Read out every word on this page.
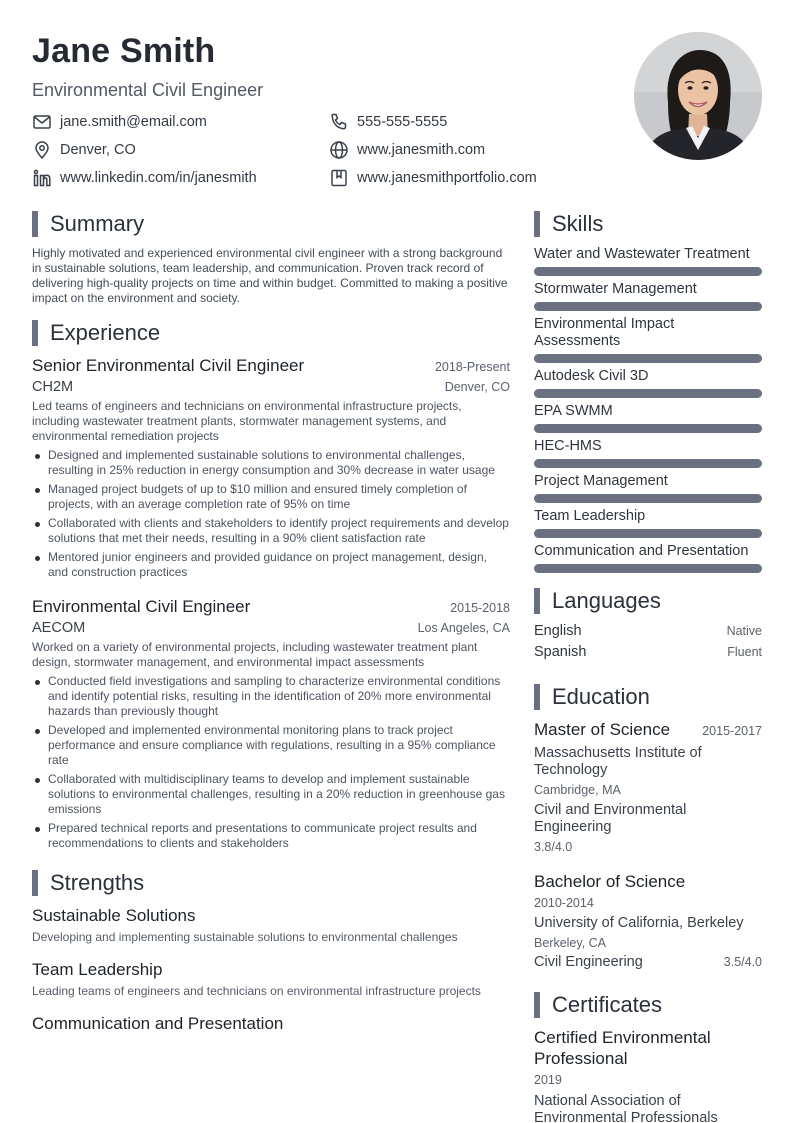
Jane Smith
Environmental Civil Engineer
jane.smith@email.com	555-555-5555
Denver, CO	www.janesmith.com
www.linkedin.com/in/janesmith	www.janesmithportfolio.com
Summary

Highly motivated and experienced environmental civil engineer with a strong background in sustainable solutions, team leadership, and communication. Proven track record of delivering high-quality projects on time and within budget. Committed to making a positive impact on the environment and society.

Experience
Senior Environmental Civil Engineer	2018-Present
CH2M	Denver, CO

Led teams of engineers and technicians on environmental infrastructure projects, including wastewater treatment plants, stormwater management systems, and environmental remediation projects

Designed and implemented sustainable solutions to environmental challenges, resulting in 25% reduction in energy consumption and 30% decrease in water usage
Managed project budgets of up to $10 million and ensured timely completion of projects, with an average completion rate of 95% on time
Collaborated with clients and stakeholders to identify project requirements and develop solutions that met their needs, resulting in a 90% client satisfaction rate
Mentored junior engineers and provided guidance on project management, design, and construction practices
Environmental Civil Engineer	2015-2018
AECOM	Los Angeles, CA

Worked on a variety of environmental projects, including wastewater treatment plant design, stormwater management, and environmental impact assessments

Conducted field investigations and sampling to characterize environmental conditions and identify potential risks, resulting in the identification of 20% more environmental hazards than previously thought
Developed and implemented environmental monitoring plans to track project performance and ensure compliance with regulations, resulting in a 95% compliance rate
Collaborated with multidisciplinary teams to develop and implement sustainable solutions to environmental challenges, resulting in a 20% reduction in greenhouse gas emissions
Prepared technical reports and presentations to communicate project results and recommendations to clients and stakeholders
Strengths
Sustainable Solutions
Developing and implementing sustainable solutions to environmental challenges
Team Leadership
Leading teams of engineers and technicians on environmental infrastructure projects
Communication and Presentation
Skills
Water and Wastewater Treatment
Stormwater Management
Environmental Impact Assessments
Autodesk Civil 3D
EPA SWMM
HEC-HMS
Project Management
Team Leadership
Communication and Presentation
Languages
English	Native
Spanish	Fluent
Education
Master of Science	2015-2017
Massachusetts Institute of Technology
Cambridge, MA
Civil and Environmental Engineering
3.8/4.0
Bachelor of Science
2010-2014
University of California, Berkeley
Berkeley, CA
Civil Engineering	3.5/4.0
Certificates
Certified Environmental Professional
2019
National Association of Environmental Professionals
